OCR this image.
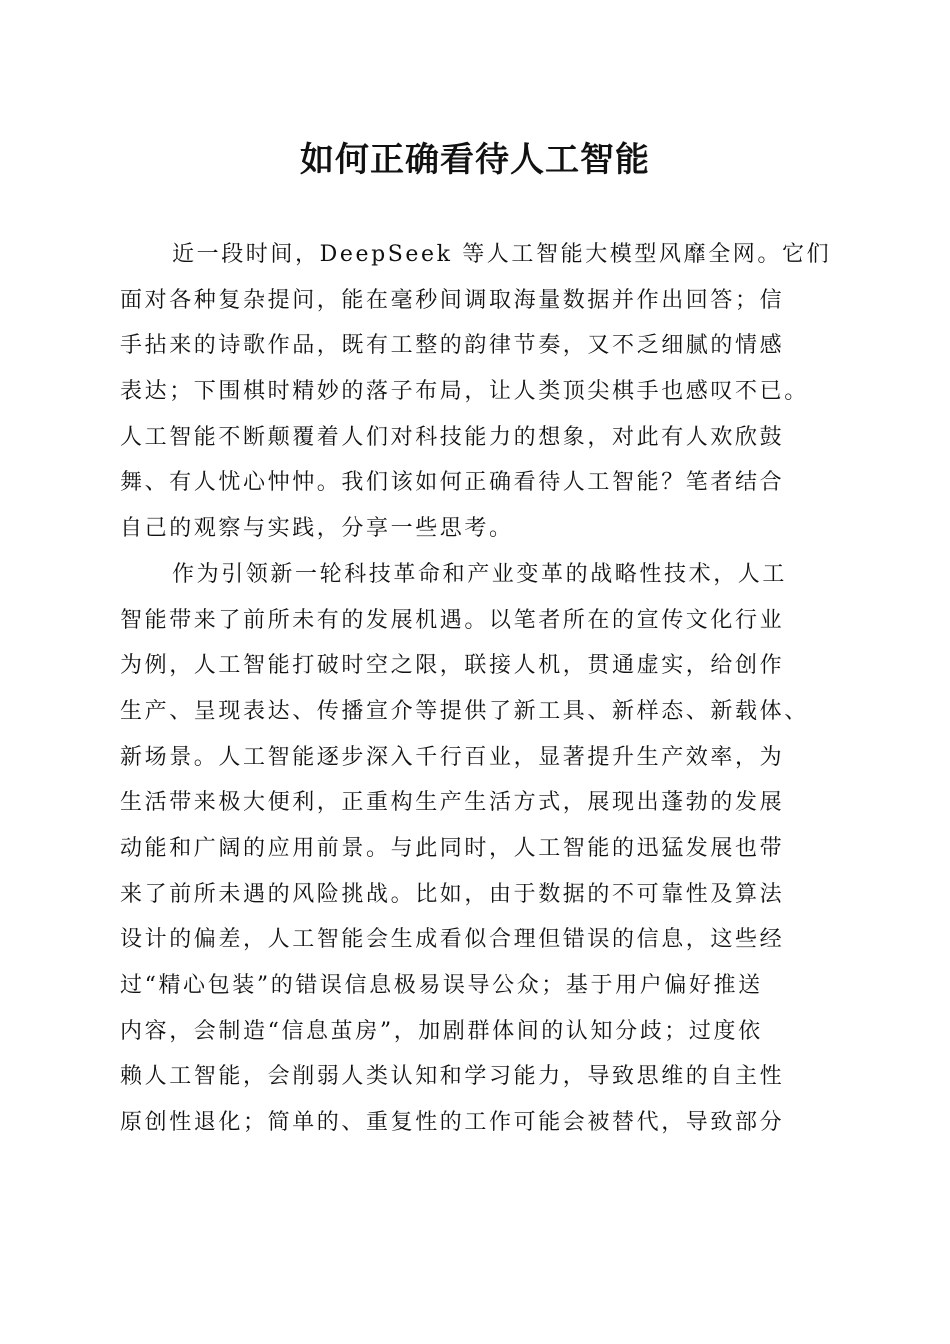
如何正确看待人工智能
近一段时间，DeepSeek 等人工智能大模型风靡全网。它们
面对各种复杂提问，能在毫秒间调取海量数据并作出回答；信
手拈来的诗歌作品，既有工整的韵律节奏，又不乏细腻的情感
表达；下围棋时精妙的落子布局，让人类顶尖棋手也感叹不已。
人工智能不断颠覆着人们对科技能力的想象，对此有人欢欣鼓
舞、有人忧心忡忡。我们该如何正确看待人工智能？笔者结合
自己的观察与实践，分享一些思考。
作为引领新一轮科技革命和产业变革的战略性技术，人工
智能带来了前所未有的发展机遇。以笔者所在的宣传文化行业
为例，人工智能打破时空之限，联接人机，贯通虚实，给创作
生产、呈现表达、传播宣介等提供了新工具、新样态、新载体、
新场景。人工智能逐步深入千行百业，显著提升生产效率，为
生活带来极大便利，正重构生产生活方式，展现出蓬勃的发展
动能和广阔的应用前景。与此同时，人工智能的迅猛发展也带
来了前所未遇的风险挑战。比如，由于数据的不可靠性及算法
设计的偏差，人工智能会生成看似合理但错误的信息，这些经
过“精心包装”的错误信息极易误导公众；基于用户偏好推送
内容，会制造“信息茧房”，加剧群体间的认知分歧；过度依
赖人工智能，会削弱人类认知和学习能力，导致思维的自主性
原创性退化；简单的、重复性的工作可能会被替代，导致部分
